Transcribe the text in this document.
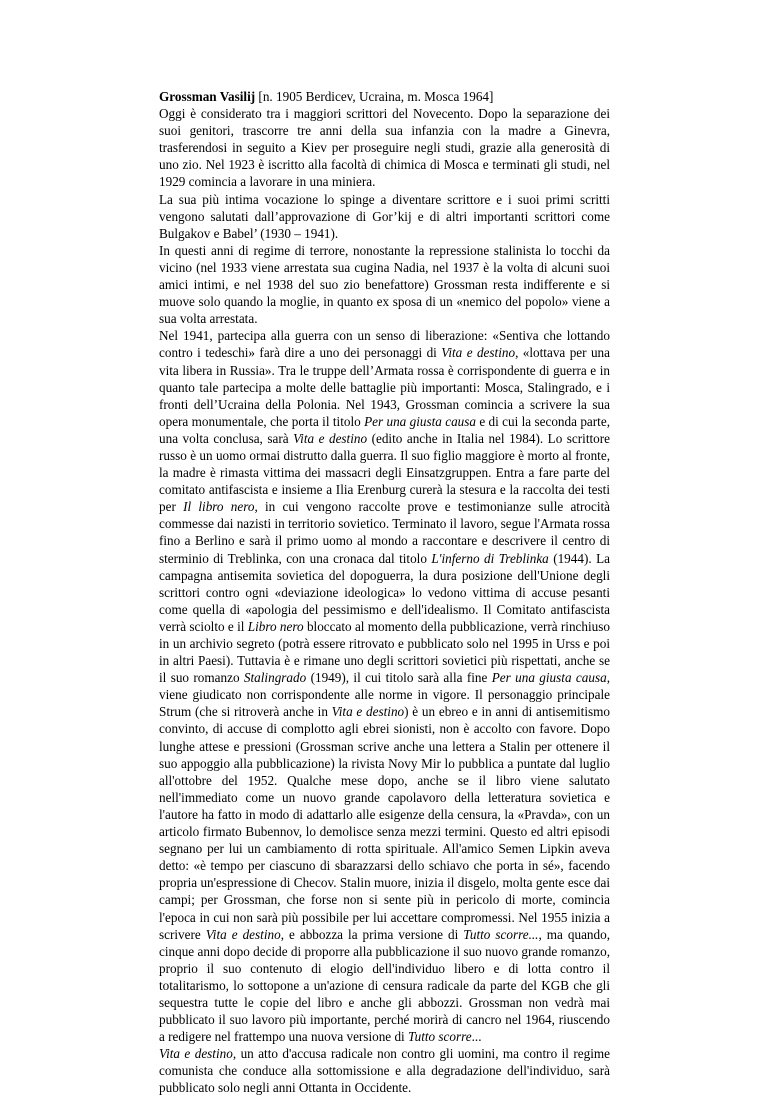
Grossman Vasilij [n. 1905 Berdicev, Ucraina, m. Mosca 1964]

Oggi è considerato tra i maggiori scrittori del Novecento. Dopo la separazione dei suoi genitori, trascorre tre anni della sua infanzia con la madre a Ginevra, trasferendosi in seguito a Kiev per proseguire negli studi, grazie alla generosità di uno zio. Nel 1923 è iscritto alla facoltà di chimica di Mosca e terminati gli studi, nel 1929 comincia a lavorare in una miniera.

La sua più intima vocazione lo spinge a diventare scrittore e i suoi primi scritti vengono salutati dall’approvazione di Gor’kij e di altri importanti scrittori come Bulgakov e Babel’ (1930 – 1941).

In questi anni di regime di terrore, nonostante la repressione stalinista lo tocchi da vicino (nel 1933 viene arrestata sua cugina Nadia, nel 1937 è la volta di alcuni suoi amici intimi, e nel 1938 del suo zio benefattore) Grossman resta indifferente e si muove solo quando la moglie, in quanto ex sposa di un «nemico del popolo» viene a sua volta arrestata.

Nel 1941, partecipa alla guerra con un senso di liberazione: «Sentiva che lottando contro i tedeschi» farà dire a uno dei personaggi di Vita e destino, «lottava per una vita libera in Russia». Tra le truppe dell’Armata rossa è corrispondente di guerra e in quanto tale partecipa a molte delle battaglie più importanti: Mosca, Stalingrado, e i fronti dell’Ucraina della Polonia. Nel 1943, Grossman comincia a scrivere la sua opera monumentale, che porta il titolo Per una giusta causa e di cui la seconda parte, una volta conclusa, sarà Vita e destino (edito anche in Italia nel 1984). Lo scrittore russo è un uomo ormai distrutto dalla guerra. Il suo figlio maggiore è morto al fronte, la madre è rimasta vittima dei massacri degli Einsatzgruppen. Entra a fare parte del comitato antifascista e insieme a Ilia Erenburg curerà la stesura e la raccolta dei testi per Il libro nero, in cui vengono raccolte prove e testimonianze sulle atrocità commesse dai nazisti in territorio sovietico. Terminato il lavoro, segue l'Armata rossa fino a Berlino e sarà il primo uomo al mondo a raccontare e descrivere il centro di sterminio di Treblinka, con una cronaca dal titolo L'inferno di Treblinka (1944). La campagna antisemita sovietica del dopoguerra, la dura posizione dell'Unione degli scrittori contro ogni «deviazione ideologica» lo vedono vittima di accuse pesanti come quella di «apologia del pessimismo e dell'idealismo. Il Comitato antifascista verrà sciolto e il Libro nero bloccato al momento della pubblicazione, verrà rinchiuso in un archivio segreto (potrà essere ritrovato e pubblicato solo nel 1995 in Urss e poi in altri Paesi). Tuttavia è e rimane uno degli scrittori sovietici più rispettati, anche se il suo romanzo Stalingrado (1949), il cui titolo sarà alla fine Per una giusta causa, viene giudicato non corrispondente alle norme in vigore. Il personaggio principale Strum (che si ritroverà anche in Vita e destino) è un ebreo e in anni di antisemitismo convinto, di accuse di complotto agli ebrei sionisti, non è accolto con favore. Dopo lunghe attese e pressioni (Grossman scrive anche una lettera a Stalin per ottenere il suo appoggio alla pubblicazione) la rivista Novy Mir lo pubblica a puntate dal luglio all'ottobre del 1952. Qualche mese dopo, anche se il libro viene salutato nell'immediato come un nuovo grande capolavoro della letteratura sovietica e l'autore ha fatto in modo di adattarlo alle esigenze della censura, la «Pravda», con un articolo firmato Bubennov, lo demolisce senza mezzi termini. Questo ed altri episodi segnano per lui un cambiamento di rotta spirituale. All'amico Semen Lipkin aveva detto: «è tempo per ciascuno di sbarazzarsi dello schiavo che porta in sé», facendo propria un'espressione di Checov. Stalin muore, inizia il disgelo, molta gente esce dai campi; per Grossman, che forse non si sente più in pericolo di morte, comincia l'epoca in cui non sarà più possibile per lui accettare compromessi. Nel 1955 inizia a scrivere Vita e destino, e abbozza la prima versione di Tutto scorre..., ma quando, cinque anni dopo decide di proporre alla pubblicazione il suo nuovo grande romanzo, proprio il suo contenuto di elogio dell'individuo libero e di lotta contro il totalitarismo, lo sottopone a un'azione di censura radicale da parte del KGB che gli sequestra tutte le copie del libro e anche gli abbozzi. Grossman non vedrà mai pubblicato il suo lavoro più importante, perché morirà di cancro nel 1964, riuscendo a redigere nel frattempo una nuova versione di Tutto scorre...

Vita e destino, un atto d'accusa radicale non contro gli uomini, ma contro il regime comunista che conduce alla sottomissione e alla degradazione dell'individuo, sarà pubblicato solo negli anni Ottanta in Occidente.
